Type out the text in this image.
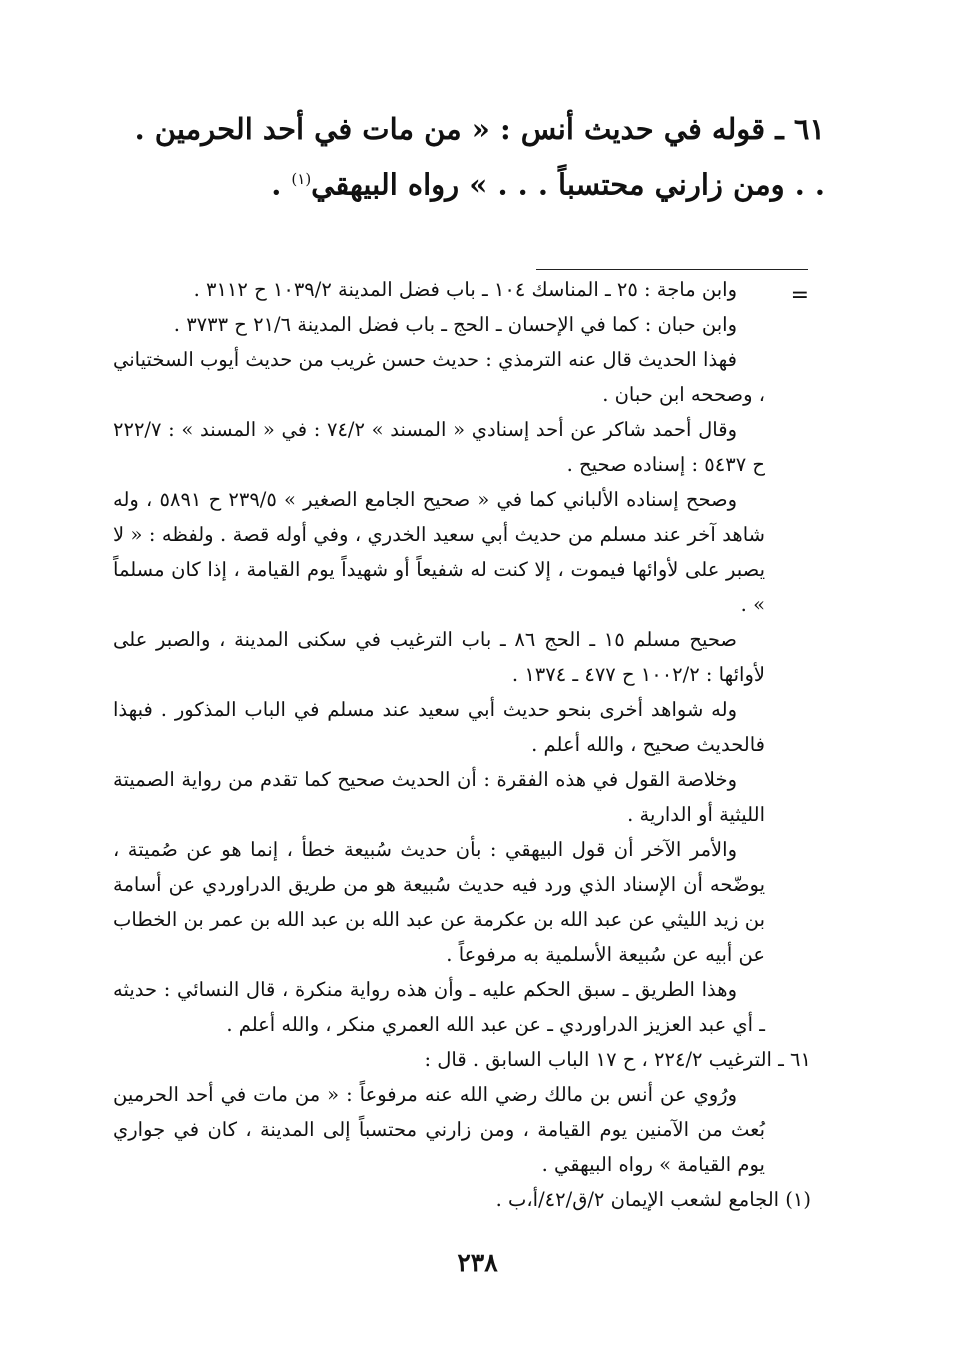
٦١ ـ قوله في حديث أنس : « من مات في أحد الحرمين . . . ومن زارني محتسباً . . . » رواه البيهقي$^{(١)}$ .
=

وابن ماجة : ٢٥ ـ المناسك ١٠٤ ـ باب فضل المدينة ١٠٣٩/٢ ح ٣١١٢ .

وابن حبان : كما في الإحسان ـ الحج ـ باب فضل المدينة ٢١/٦ ح ٣٧٣٣ .

فهذا الحديث قال عنه الترمذي : حديث حسن غريب من حديث أيوب السختياني ، وصححه ابن حبان .

وقال أحمد شاكر عن أحد إسنادي « المسند » ٧٤/٢ : في « المسند » : ٢٢٢/٧ ح ٥٤٣٧ : إسناده صحيح .

وصحح إسناده الألباني كما في « صحيح الجامع الصغير » ٢٣٩/٥ ح ٥٨٩١ ، وله شاهد آخر عند مسلم من حديث أبي سعيد الخدري ، وفي أوله قصة . ولفظه : « لا يصبر على لأوائها فيموت ، إلا كنت له شفيعاً أو شهيداً يوم القيامة ، إذا كان مسلماً » .

صحيح مسلم ١٥ ـ الحج ٨٦ ـ باب الترغيب في سكنى المدينة ، والصبر على لأوائها : ١٠٠٢/٢ ح ٤٧٧ ـ ١٣٧٤ .

وله شواهد أخرى بنحو حديث أبي سعيد عند مسلم في الباب المذكور . فبهذا فالحديث صحيح ، والله أعلم .

وخلاصة القول في هذه الفقرة : أن الحديث صحيح كما تقدم من رواية الصميتة الليثية أو الدارية .

والأمر الآخر أن قول البيهقي : بأن حديث سُبيعة خطأ ، إنما هو عن صُميتة ، يوضّحه أن الإسناد الذي ورد فيه حديث سُبيعة هو من طريق الدراوردي عن أسامة بن زيد الليثي عن عبد الله بن عكرمة عن عبد الله بن عبد الله بن عمر بن الخطاب عن أبيه عن سُبيعة الأسلمية به مرفوعاً .

وهذا الطريق ـ سبق الحكم عليه ـ وأن هذه رواية منكرة ، قال النسائي : حديثه ـ أي عبد العزيز الدراوردي ـ عن عبد الله العمري منكر ، والله أعلم .

٦١ ـ الترغيب ٢٢٤/٢ ، ح ١٧ الباب السابق . قال :

ورُوي عن أنس بن مالك رضي الله عنه مرفوعاً : « من مات في أحد الحرمين بُعث من الآمنين يوم القيامة ، ومن زارني محتسباً إلى المدينة ، كان في جواري يوم القيامة » رواه البيهقي .

(١) الجامع لشعب الإيمان ٢/ق/٤٢/أ،ب .

٢٣٨
